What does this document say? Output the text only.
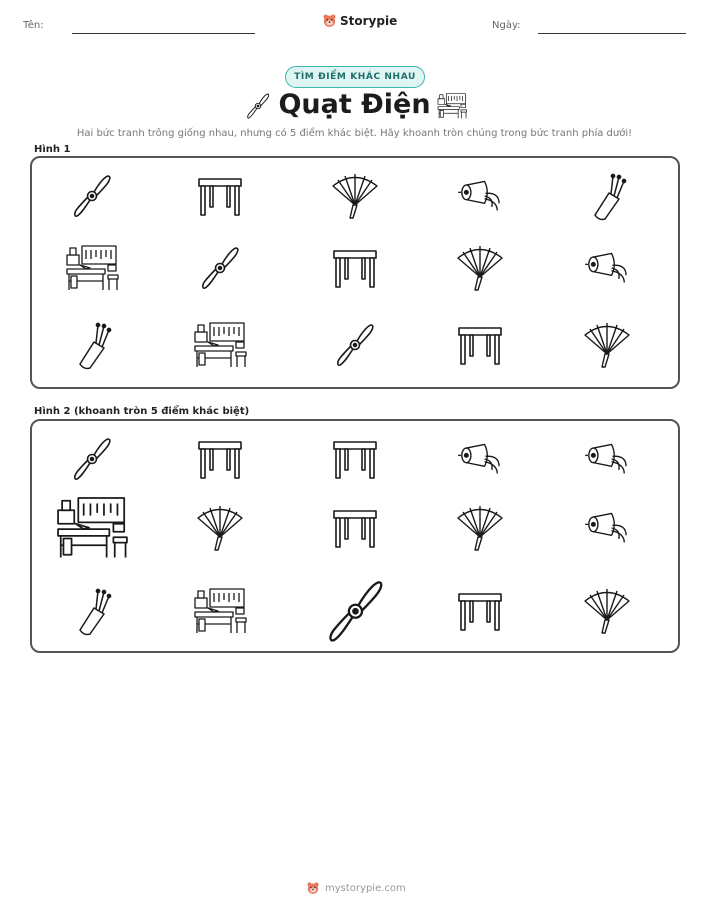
Tên:	Storypie	Ngày:
TÌM ĐIỂM KHÁC NHAU
Quạt Điện
Hai bức tranh trông giống nhau, nhưng có 5 điểm khác biệt. Hãy khoanh tròn chúng trong bức tranh phía dưới!
Hình 1
Hình 2 (khoanh tròn 5 điểm khác biệt)
mystorypie.com
